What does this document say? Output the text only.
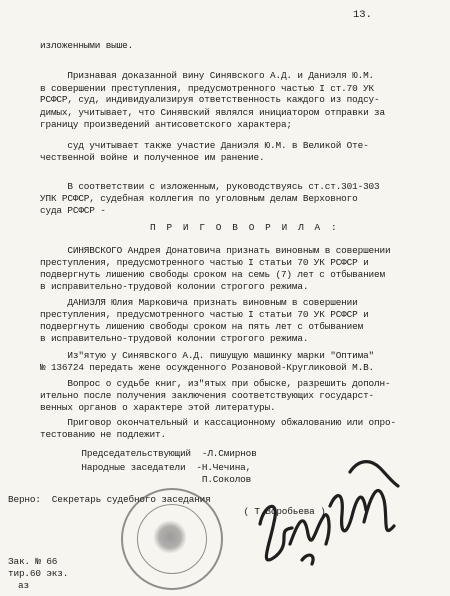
13.
изложенными выше.
Признавая доказанной вину Синявского А.Д. и Даниэля Ю.М.
в совершении преступления, предусмотренного частью I ст.70 УК
РСФСР, суд, индивидуализируя ответственность каждого из подсу-
димых, учитывает, что Синявский являлся инициатором отправки за
границу произведений антисоветского характера;
суд учитывает также участие Даниэля Ю.М. в Великой Оте-
чественной войне и полученное им ранение.
В соответствии с изложенным, руководствуясь ст.ст.301-303
УПК РСФСР, судебная коллегия по уголовным делам Верховного
суда РСФСР -
П Р И Г О В О Р И Л А :
СИНЯВСКОГО Андрея Донатовича признать виновным в совершении
преступления, предусмотренного частью I статьи 70 УК РСФСР и
подвергнуть лишению свободы сроком на семь (7) лет с отбыванием
в исправительно-трудовой колонии строгого режима.
ДАНИЭЛЯ Юлия Марковича признать виновным в совершении
преступления, предусмотренного частью I статьи 70 УК РСФСР и
подвергнуть лишению свободы сроком на пять лет с отбыванием
в исправительно-трудовой колонии строгого режима.
Из"ятую у Синявского А.Д. пишущую машинку марки "Оптима"
№ 136724 передать жене осужденного Розановой-Кругликовой М.В.
Вопрос о судьбе книг, из"ятых при обыске, разрешить дополн-
ительно после получения заключения соответствующих государст-
венных органов о характере этой литературы.
Приговор окончательный и кассационному обжалованию или опро-
тестованию не подлежит.
Председательствующий  -Л.Смирнов
Народные заседатели  -Н.Чечина,
П.Соколов
Верно:  Секретарь судебного заседания
( Т.Воробьева )
Зак. № 66
тир.60 экз.
аз
